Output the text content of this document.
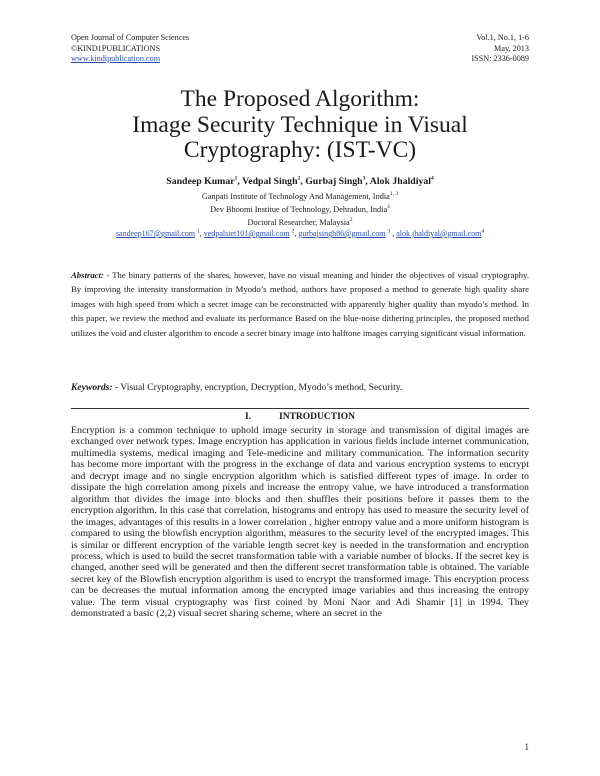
Open Journal of Computer Sciences
©KIND1PUBLICATIONS
www.kindipublication.com
Vol.1, No.1, 1-6
May, 2013
ISSN: 2336-0089
The Proposed Algorithm:
Image Security Technique in Visual
Cryptography: (IST-VC)
Sandeep Kumar$^1$, Vedpal Singh$^2$, Gurbaj Singh$^3$, Alok Jhaldiyal$^4$
Ganpati Institute of Technology And Management, India$^{1, 3}$
Dev Bhoomi Institue of Technology, Dehradun, India$^4$
Doctoral Researcher, Malaysia$^2$
sandeep167@gmail.com $^1$, vedpalsiet101@gmail.com $^2$, gurbajsingh86@gmail.com $^3$ , alok.jhaldiyal@gmail.com$^4$
Abstract: - The binary patterns of the shares, however, have no visual meaning and hinder the objectives of visual cryptography. By improving the intensity transformation in Myodo’s method, authors have proposed a method to generate high quality share images with high speed from which a secret image can be reconstructed with apparently higher quality than myodo’s method. In this paper, we review the method and evaluate its performance Based on the blue-noise dithering principles, the proposed method utilizes the void and cluster algorithm to encode a secret binary image into halftone images carrying significant visual information.
Keywords: - Visual Cryptography, encryption, Decryption, Myodo’s method, Security.
I.	INTRODUCTION
Encryption is a common technique to uphold image security in storage and transmission of digital images are exchanged over network types. Image encryption has application in various fields include internet communication, multimedia systems, medical imaging and Tele-medicine and military communication. The information security has become more important with the progress in the exchange of data and various encryption systems to encrypt and decrypt image and no single encryption algorithm which is satisfied different types of image. In order to dissipate the high correlation among pixels and increase the entropy value, we have introduced a transformation algorithm that divides the image into blocks and then shuffles their positions before it passes them to the encryption algorithm. In this case that correlation, histograms and entropy has used to measure the security level of the images, advantages of this results in a lower correlation , higher entropy value and a more uniform histogram is compared to using the blowfish encryption algorithm, measures to the security level of the encrypted images. This is similar or different encryption of the variable length secret key is needed in the transformation and encryption process, which is used to build the secret transformation table with a variable number of blocks. If the secret key is changed, another seed will be generated and then the different secret transformation table is obtained. The variable secret key of the Blowfish encryption algorithm is used to encrypt the transformed image. This encryption process can be decreases the mutual information among the encrypted image variables and thus increasing the entropy value. The term visual cryptography was first coined by Moni Naor and Adi Shamir [1] in 1994. They demonstrated a basic (2,2) visual secret sharing scheme, where an secret in the
1
